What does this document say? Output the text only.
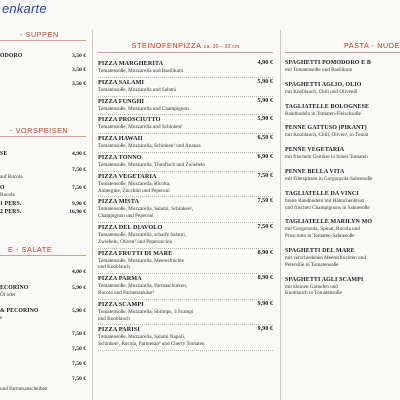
enkarte
- SUPPEN
- VORSPEISEN
E - SALATE
ODORO	3,50 €
3,50 €
3,50 €
SE	4,90 €
7,50 €
auf Rucola
O	7,50 €
Rucola
1 PERS.	9,90 €
2 PERS.	16,90 €
4,00 €
ECORINO	5,90 €
Öl oder
& PECORINO	5,90 €
e
7,50 €
7,50 €
7,50 €
7,50 €
und Parmesanscheiben
STEINOFENPIZZA ca. 30 – 32 cm
PIZZA MARGHERITA
Tomatensoße, Mozzarella und Basilikum
4,90 €
PIZZA SALAMI
Tomatensoße, Mozzarella und Salami
5,90 €
PIZZA FUNGHI
Tomatensoße, Mozzarella und Champignon
5,90 €
PIZZA PROSCIUTTO
Tomatensoße, Mozzarella und Schinken¹
5,90 €
PIZZA HAWAII
Tomatensoße, Mozzarella, Schinken¹ und Ananas
6,50 €
PIZZA TONNO
Tomatensoße, Mozzarella, Thunfisch und Zwiebeln
6,90 €
PIZZA VEGETARIA
Tomatensoße, Mozzarella, Ricotta,
Aubergine, Zucchini und Peperoni
7,50 €
PIZZA MISTA
Tomatensoße, Mozzarella, Salami, Schinken¹,
Champignon und Peperoni
7,50 €
PIZZA DEL DIAVOLO
Tomatensoße, Mozzarella, scharfe Salami,
Zwiebeln, Oliven² und Peperoncino
7,50 €
PIZZA FRUTTI DI MARE
Tomatensoße, Mozzarella, Meeresfrüchte
und Knoblauch
8,90 €
PIZZA PARMA
Tomatensoße, Mozzarella, Parmaschinken,
Rucola und Parmesankäse³
8,90 €
PIZZA SCAMPI
Tomatensoße, Mozzarella, Shrimps, 3 Scampi
und Knoblauch
9,90 €
PIZZA PARISI
Tomatensoße, Mozzarella, Salami Napoli,
Schinken¹, Rucola, Parmesan³ und Cherry Tomaten
9,90 €
PASTA - NUDE
SPAGHETTI POMODORO E B
mit Tomatensoße und Basilikum
SPAGHETTI AGLIO, OLIO
mit Knoblauch, Chili und Olivenöl
TAGLIATELLE BOLOGNESE
Bandnudeln in Tomaten-Fleischsoße
PENNE GATTUSO (PIKANT)
mit Knoblauch, Chili, Oliven², in Tomat
PENNE VEGETARIA
mit frischem Gemüse in feiner Tomaten
PENNE BELLA VITA
mit Filetspitzen in Gorgonzola-Sahnesoße
TAGLIATELLE DA VINCI
breite Bandnudeln mit Hähnchenbrust
und frischen Champignons in Sahnesoße
TAGLIATELLE MARILYN MO
mit Gorgonzola, Spinat, Rucola und
Prosciutto in Tomaten-Sahnesoße
SPAGHETTI DEL MARE
mit verschiedenen Meeresfrüchten und
Petersilie in Tomatensoße
SPAGHETTI AGLI SCAMPI
mit kleinen Garnelen und
Knoblauch in Tomatensoße
